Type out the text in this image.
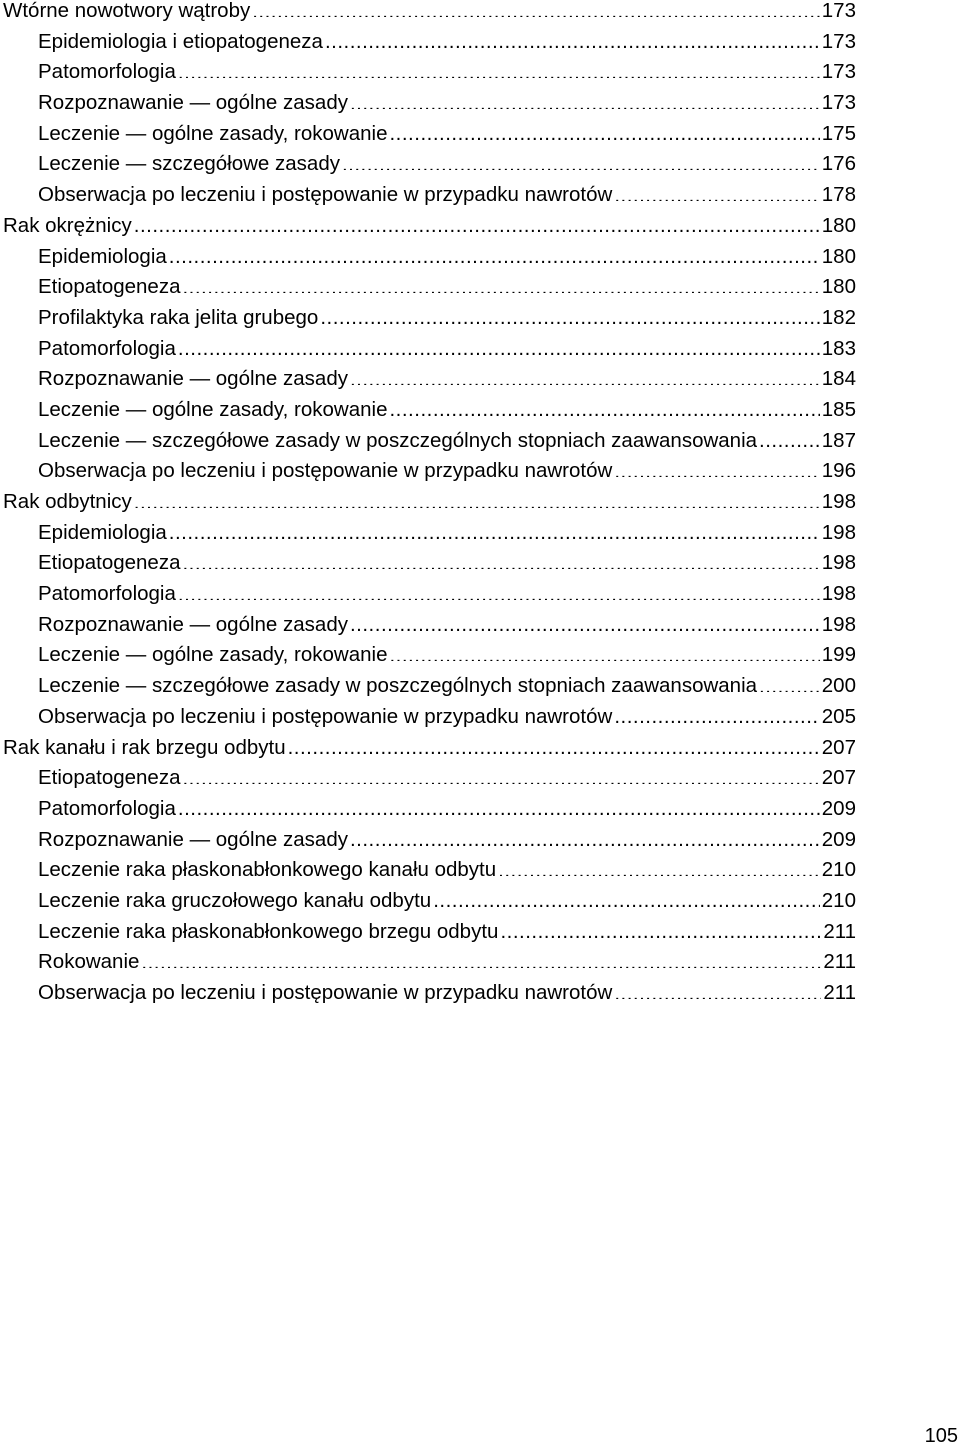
Wtórne nowotwory wątroby . . .	173
Epidemiologia i etiopatogeneza . . .	173
Patomorfologia . . .	173
Rozpoznawanie — ogólne zasady . . .	173
Leczenie — ogólne zasady, rokowanie . . .	175
Leczenie — szczegółowe zasady . . .	176
Obserwacja po leczeniu i postępowanie w przypadku nawrotów . . .	178
Rak okrężnicy . . .	180
Epidemiologia . . .	180
Etiopatogeneza . . .	180
Profilaktyka raka jelita grubego . . .	182
Patomorfologia . . .	183
Rozpoznawanie — ogólne zasady . . .	184
Leczenie — ogólne zasady, rokowanie . . .	185
Leczenie — szczegółowe zasady w poszczególnych stopniach zaawansowania . . .	187
Obserwacja po leczeniu i postępowanie w przypadku nawrotów . . .	196
Rak odbytnicy . . .	198
Epidemiologia . . .	198
Etiopatogeneza . . .	198
Patomorfologia . . .	198
Rozpoznawanie — ogólne zasady . . .	198
Leczenie — ogólne zasady, rokowanie . . .	199
Leczenie — szczegółowe zasady w poszczególnych stopniach zaawansowania . . .	200
Obserwacja po leczeniu i postępowanie w przypadku nawrotów . . .	205
Rak kanału i rak brzegu odbytu . . .	207
Etiopatogeneza . . .	207
Patomorfologia . . .	209
Rozpoznawanie — ogólne zasady . . .	209
Leczenie raka płaskonabłonkowego kanału odbytu . . .	210
Leczenie raka gruczołowego kanału odbytu . . .	210
Leczenie raka płaskonabłonkowego brzegu odbytu . . .	211
Rokowanie . . .	211
Obserwacja po leczeniu i postępowanie w przypadku nawrotów . . .	211
105
